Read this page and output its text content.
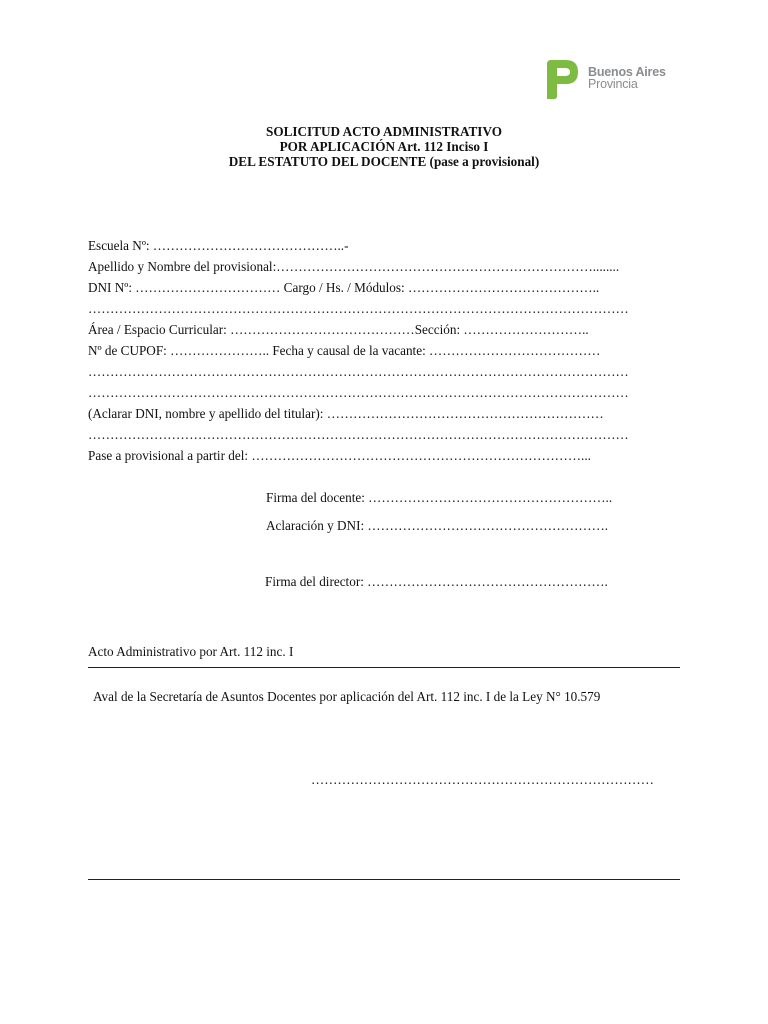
Buenos Aires
Provincia
SOLICITUD ACTO ADMINISTRATIVO
POR APLICACIÓN Art. 112 Inciso I
DEL ESTATUTO DEL DOCENTE (pase a provisional)
Escuela Nº: ……………………………………..-
Apellido y Nombre del provisional:………………………………………………………………........
DNI Nº: …………………………… Cargo / Hs. / Módulos: ……………………………………..
……………………………………………………………………………………………………………
Área / Espacio Curricular: ……………………………………Sección: ………………………..
Nº de CUPOF: ………………….. Fecha y causal de la vacante: …………………………………
……………………………………………………………………………………………………………
……………………………………………………………………………………………………………
(Aclarar DNI, nombre y apellido del titular): ………………………………………………………
……………………………………………………………………………………………………………
Pase a provisional a partir del: …………………………………………………………………...
Firma del docente: ………………………………………………..
Aclaración y DNI: ……………………………………………….
Firma del director: ……………………………………………….
Acto Administrativo por Art. 112 inc. I
Aval de la Secretaría de Asuntos Docentes por aplicación del Art. 112 inc. I de la Ley N° 10.579
……………………………………………………………………
